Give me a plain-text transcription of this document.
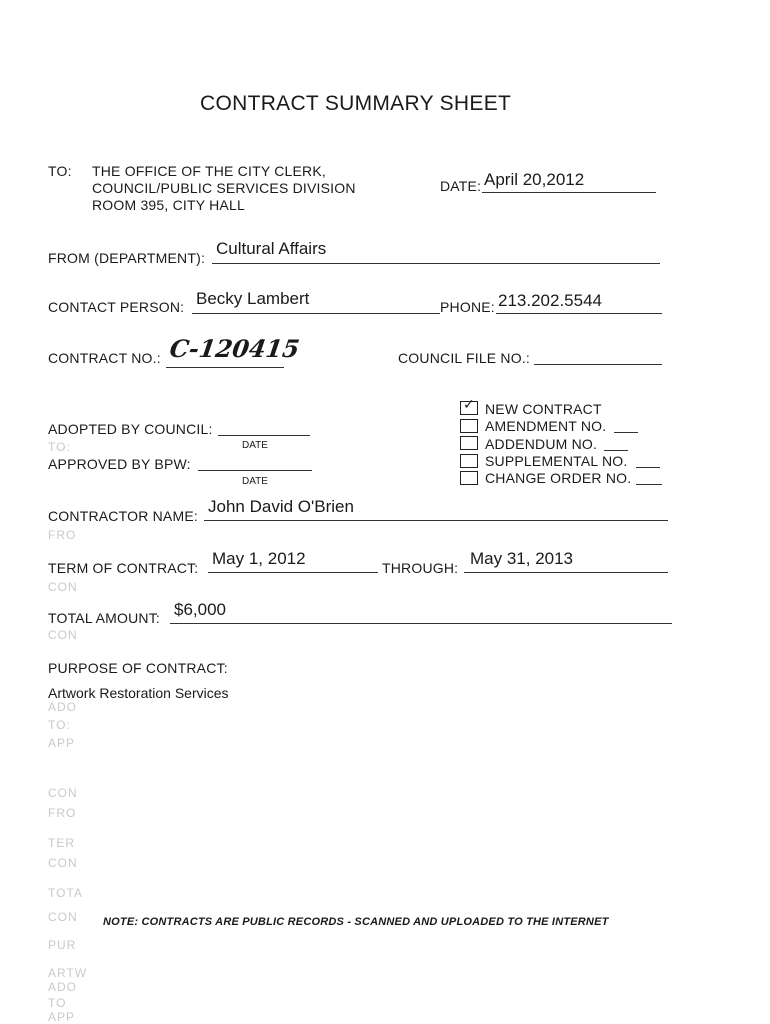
CONTRACT SUMMARY SHEET
TO: THE OFFICE OF THE CITY CLERK,
COUNCIL/PUBLIC SERVICES DIVISION
ROOM 395, CITY HALL
DATE: April 20,2012
FROM (DEPARTMENT): Cultural Affairs
CONTACT PERSON: Becky Lambert	PHONE: 213.202.5544
CONTRACT NO.: C-120415	COUNCIL FILE NO.:
ADOPTED BY COUNCIL:
DATE
TO:
APPROVED BY BPW:
DATE
✓ NEW CONTRACT
AMENDMENT NO.
ADDENDUM NO.
SUPPLEMENTAL NO.
CHANGE ORDER NO.
CONTRACTOR NAME: John David O'Brien
FRO
TERM OF CONTRACT: May 1, 2012	THROUGH: May 31, 2013
CON
TOTAL AMOUNT: $6,000
CON
PURPOSE OF CONTRACT:
Artwork Restoration Services
ADO
TO:
APP
CON
FRO
TER
CON
TOTA
CON
PUR
ARTW
ADO
TO
APP
NOTE: CONTRACTS ARE PUBLIC RECORDS - SCANNED AND UPLOADED TO THE INTERNET
